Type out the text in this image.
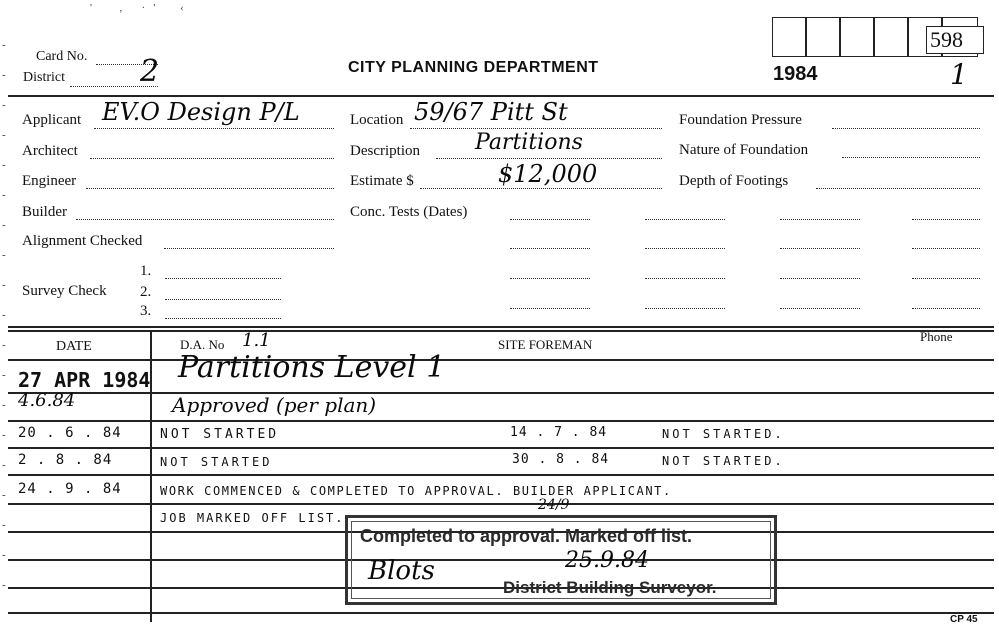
'          ,       ·   '         ‹
Card No.
District	2	CITY PLANNING DEPARTMENT	1984	1
598
Applicant EV.O Design P/L
Architect
Engineer
Builder
Alignment Checked
1.
Survey Check 2.
3.
Location 59/67 Pitt St
Description	Partitions
Estimate $	$12,000
Conc. Tests (Dates)
Foundation Pressure
Nature of Foundation
Depth of Footings
DATE	D.A. No 1.1	SITE FOREMAN
Phone
27 APR 1984 Partitions Level 1
4.6.84	Approved (per plan)
20 . 6 . 84	NOT STARTED	14 . 7 . 84	NOT STARTED.
2 . 8 . 84	NOT STARTED	30 . 8 . 84	NOT STARTED.
24 . 9 . 84	WORK COMMENCED & COMPLETED TO APPROVAL. BUILDER APPLICANT.
JOB MARKED OFF LIST.
-
-
-
-
-
-
-
-
-
-
-
-
-
-
-
-
-
-
-
Completed to approval. Marked off list.
24/9
25.9.84
Blots
District Building Surveyor.
CP 45
